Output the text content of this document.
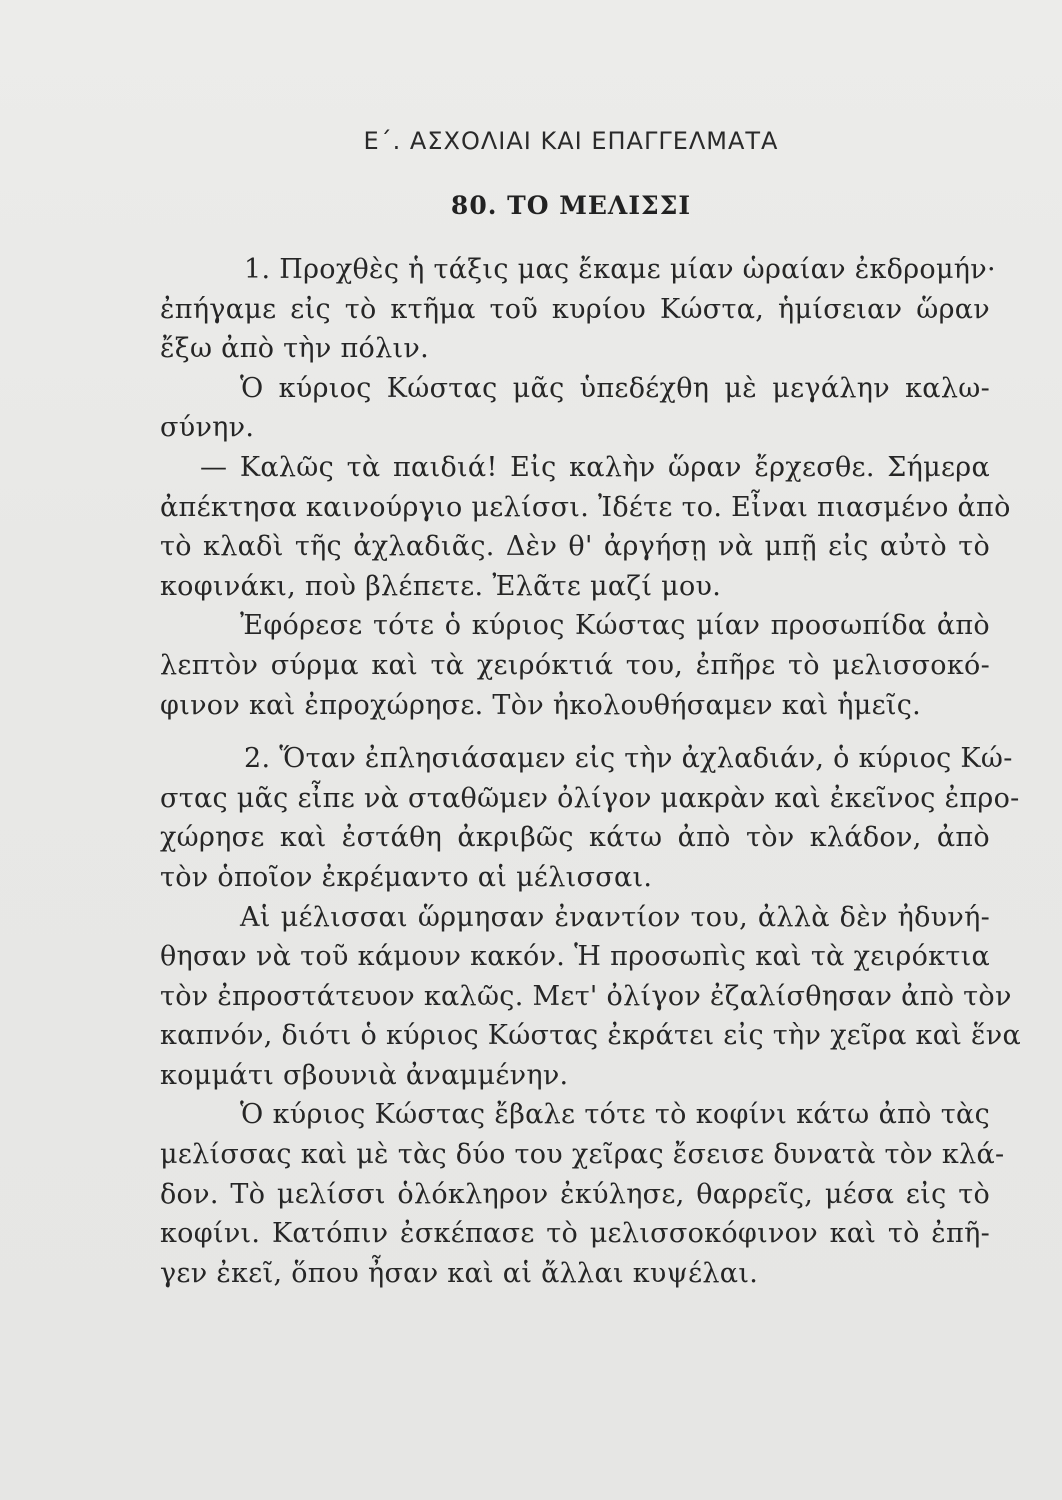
Ε΄. ΑΣΧΟΛΙΑΙ ΚΑΙ ΕΠΑΓΓΕΛΜΑΤΑ
80. ΤΟ ΜΕΛΙΣΣΙ
1. Προχθὲς ἡ τάξις μας ἔκαμε μίαν ὡραίαν ἐκδρομήν·
ἐπήγαμε εἰς τὸ κτῆμα τοῦ κυρίου Κώστα, ἡμίσειαν ὥραν
ἔξω ἀπὸ τὴν πόλιν.
Ὁ κύριος Κώστας μᾶς ὑπεδέχθη μὲ μεγάλην καλω-
σύνην.
— Καλῶς τὰ παιδιά! Εἰς καλὴν ὥραν ἔρχεσθε. Σήμερα
ἀπέκτησα καινούργιο μελίσσι. Ἰδέτε το. Εἶναι πιασμένο ἀπὸ
τὸ κλαδὶ τῆς ἀχλαδιᾶς. Δὲν θ' ἀργήσῃ νὰ μπῇ εἰς αὐτὸ τὸ
κοφινάκι, ποὺ βλέπετε. Ἐλᾶτε μαζί μου.
Ἐφόρεσε τότε ὁ κύριος Κώστας μίαν προσωπίδα ἀπὸ
λεπτὸν σύρμα καὶ τὰ χειρόκτιά του, ἐπῆρε τὸ μελισσοκό-
φινον καὶ ἐπροχώρησε. Τὸν ἠκολουθήσαμεν καὶ ἡμεῖς.
2. Ὅταν ἐπλησιάσαμεν εἰς τὴν ἀχλαδιάν, ὁ κύριος Κώ-
στας μᾶς εἶπε νὰ σταθῶμεν ὀλίγον μακρὰν καὶ ἐκεῖνος ἐπρο-
χώρησε καὶ ἐστάθη ἀκριβῶς κάτω ἀπὸ τὸν κλάδον, ἀπὸ
τὸν ὁποῖον ἐκρέμαντο αἱ μέλισσαι.
Αἱ μέλισσαι ὥρμησαν ἐναντίον του, ἀλλὰ δὲν ἠδυνή-
θησαν νὰ τοῦ κάμουν κακόν. Ἡ προσωπὶς καὶ τὰ χειρόκτια
τὸν ἐπροστάτευον καλῶς. Μετ' ὀλίγον ἐζαλίσθησαν ἀπὸ τὸν
καπνόν, διότι ὁ κύριος Κώστας ἐκράτει εἰς τὴν χεῖρα καὶ ἕνα
κομμάτι σβουνιὰ ἀναμμένην.
Ὁ κύριος Κώστας ἔβαλε τότε τὸ κοφίνι κάτω ἀπὸ τὰς
μελίσσας καὶ μὲ τὰς δύο του χεῖρας ἔσεισε δυνατὰ τὸν κλά-
δον. Τὸ μελίσσι ὁλόκληρον ἐκύλησε, θαρρεῖς, μέσα εἰς τὸ
κοφίνι. Κατόπιν ἐσκέπασε τὸ μελισσοκόφινον καὶ τὸ ἐπῆ-
γεν ἐκεῖ, ὅπου ἦσαν καὶ αἱ ἄλλαι κυψέλαι.
